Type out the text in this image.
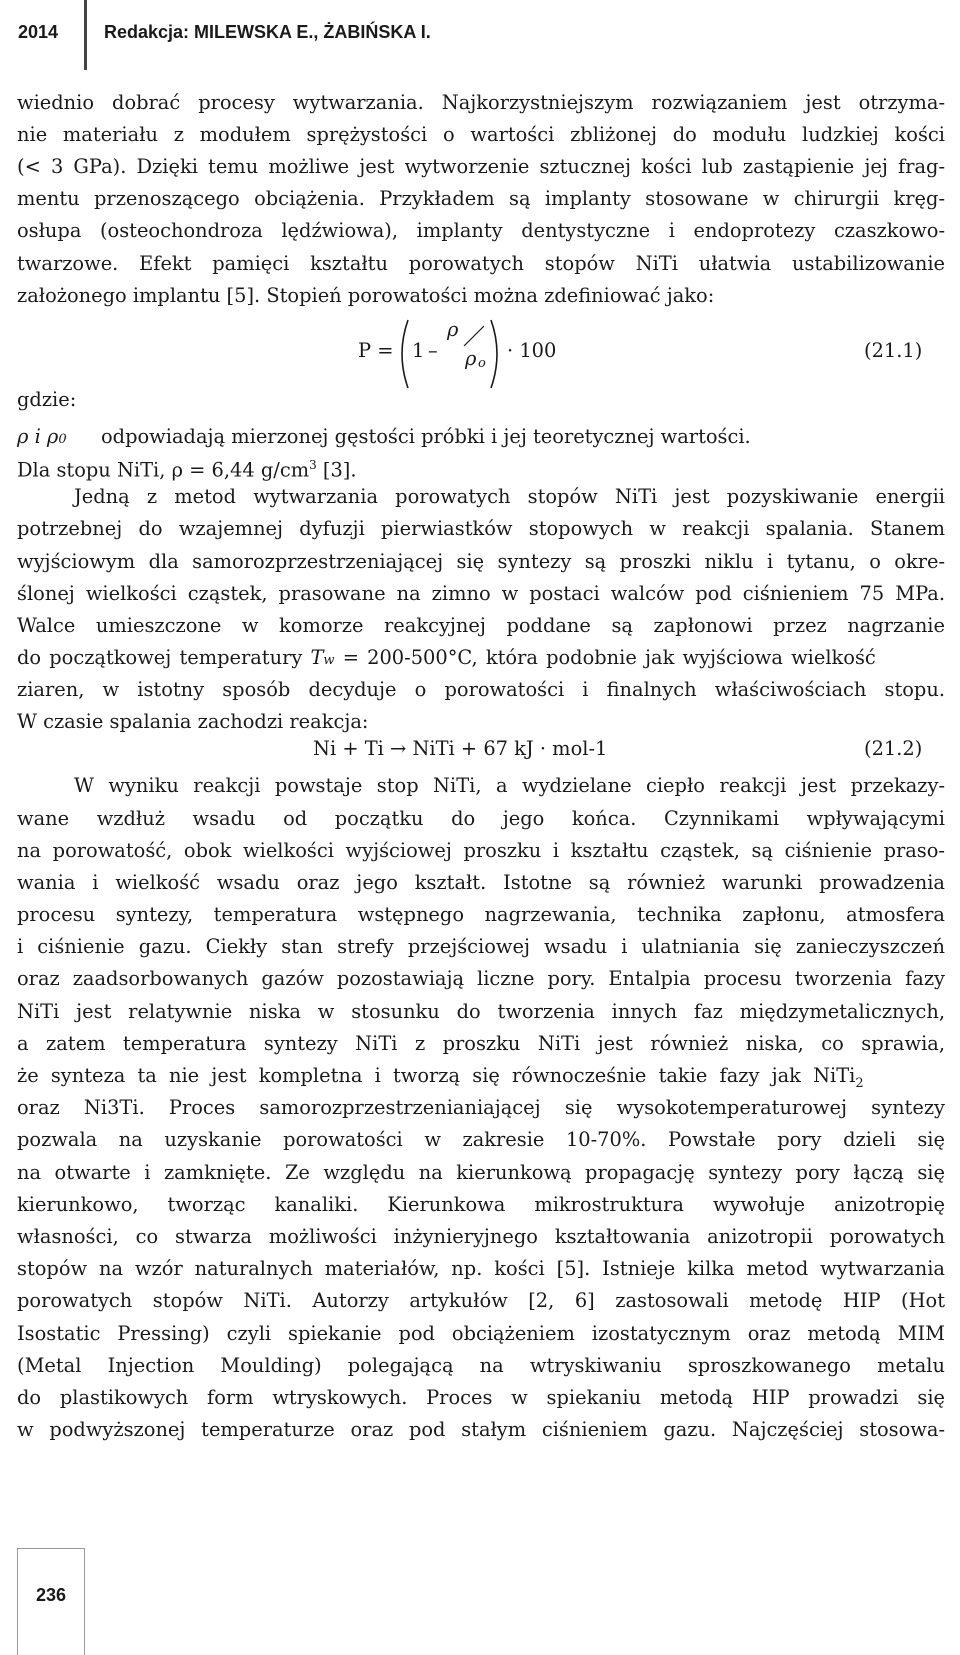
2014	Redakcja: MILEWSKA E., ŻABIŃSKA I.
wiednio dobrać procesy wytwarzania. Najkorzystniejszym rozwiązaniem jest otrzyma-
nie materiału z modułem sprężystości o wartości zbliżonej do modułu ludzkiej kości
(< 3 GPa). Dzięki temu możliwe jest wytworzenie sztucznej kości lub zastąpienie jej frag-
mentu przenoszącego obciążenia. Przykładem są implanty stosowane w chirurgii kręg-
osłupa (osteochondroza lędźwiowa), implanty dentystyczne i endoprotezy czaszkowo-
twarzowe. Efekt pamięci kształtu porowatych stopów NiTi ułatwia ustabilizowanie
założonego implantu [5]. Stopień porowatości można zdefiniować jako:
P = 1 –
ρ
ρ o
· 100	(21.1)
gdzie:
ρ i ρ0 odpowiadają mierzonej gęstości próbki i jej teoretycznej wartości.
Dla stopu NiTi, ρ = 6,44 $g/cm^3$ [3].
Jedną z metod wytwarzania porowatych stopów NiTi jest pozyskiwanie energii
potrzebnej do wzajemnej dyfuzji pierwiastków stopowych w reakcji spalania. Stanem
wyjściowym dla samorozprzestrzeniającej się syntezy są proszki niklu i tytanu, o okre-
ślonej wielkości cząstek, prasowane na zimno w postaci walców pod ciśnieniem 75 MPa.
Walce umieszczone w komorze reakcyjnej poddane są zapłonowi przez nagrzanie
do początkowej temperatury Tw = 200-500°C, która podobnie jak wyjściowa wielkość
ziaren, w istotny sposób decyduje o porowatości i finalnych właściwościach stopu.
W czasie spalania zachodzi reakcja:
Ni + Ti → NiTi + 67 kJ · mol-1	(21.2)
W wyniku reakcji powstaje stop NiTi, a wydzielane ciepło reakcji jest przekazy-
wane wzdłuż wsadu od początku do jego końca. Czynnikami wpływającymi
na porowatość, obok wielkości wyjściowej proszku i kształtu cząstek, są ciśnienie praso-
wania i wielkość wsadu oraz jego kształt. Istotne są również warunki prowadzenia
procesu syntezy, temperatura wstępnego nagrzewania, technika zapłonu, atmosfera
i ciśnienie gazu. Ciekły stan strefy przejściowej wsadu i ulatniania się zanieczyszczeń
oraz zaadsorbowanych gazów pozostawiają liczne pory. Entalpia procesu tworzenia fazy
NiTi jest relatywnie niska w stosunku do tworzenia innych faz międzymetalicznych,
a zatem temperatura syntezy NiTi z proszku NiTi jest również niska, co sprawia,
że synteza ta nie jest kompletna i tworzą się równocześnie takie fazy jak NiTi$_2$
oraz Ni3Ti. Proces samorozprzestrzenianiającej się wysokotemperaturowej syntezy
pozwala na uzyskanie porowatości w zakresie 10-70%. Powstałe pory dzieli się
na otwarte i zamknięte. Ze względu na kierunkową propagację syntezy pory łączą się
kierunkowo, tworząc kanaliki. Kierunkowa mikrostruktura wywołuje anizotropię
własności, co stwarza możliwości inżynieryjnego kształtowania anizotropii porowatych
stopów na wzór naturalnych materiałów, np. kości [5]. Istnieje kilka metod wytwarzania
porowatych stopów NiTi. Autorzy artykułów [2, 6] zastosowali metodę HIP (Hot
Isostatic Pressing) czyli spiekanie pod obciążeniem izostatycznym oraz metodą MIM
(Metal Injection Moulding) polegającą na wtryskiwaniu sproszkowanego metalu
do plastikowych form wtryskowych. Proces w spiekaniu metodą HIP prowadzi się
w podwyższonej temperaturze oraz pod stałym ciśnieniem gazu. Najczęściej stosowa-
236
